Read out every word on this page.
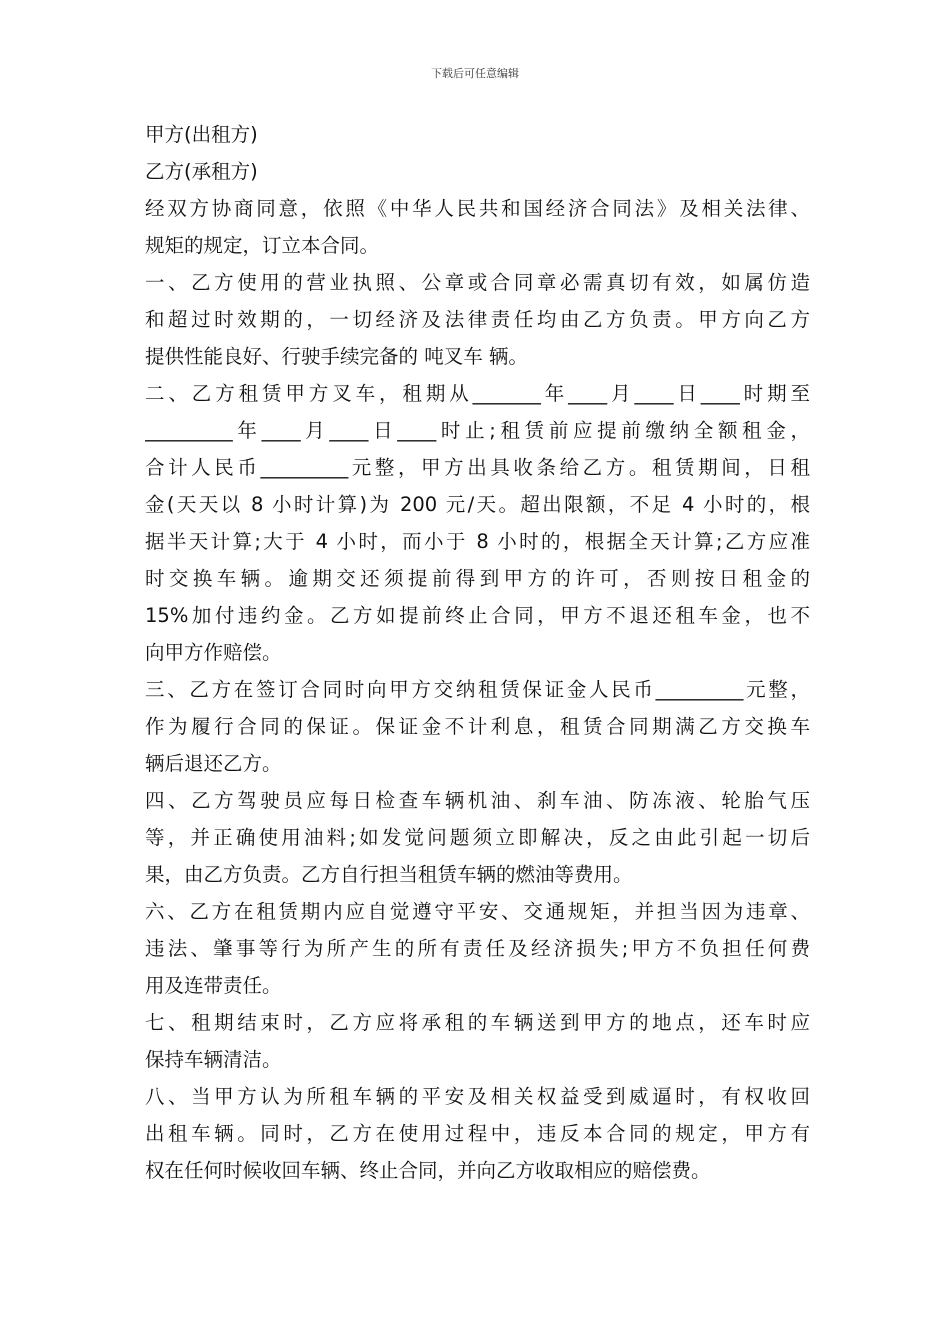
下载后可任意编辑
甲方(出租方)
乙方(承租方)
经双方协商同意，依照《中华人民共和国经济合同法》及相关法律、
规矩的规定，订立本合同。
一、乙方使用的营业执照、公章或合同章必需真切有效，如属仿造
和超过时效期的，一切经济及法律责任均由乙方负责。甲方向乙方
提供性能良好、行驶手续完备的 吨叉车 辆。
二、乙方租赁甲方叉车，租期从_______年____月____日____时期至
_________年____月____日____时止;租赁前应提前缴纳全额租金，
合计人民币_________元整，甲方出具收条给乙方。租赁期间，日租
金(天天以 8 小时计算)为 200 元/天。超出限额，不足 4 小时的，根
据半天计算;大于 4 小时，而小于 8 小时的，根据全天计算;乙方应准
时交换车辆。逾期交还须提前得到甲方的许可，否则按日租金的
15%加付违约金。乙方如提前终止合同，甲方不退还租车金，也不
向甲方作赔偿。
三、乙方在签订合同时向甲方交纳租赁保证金人民币_________元整，
作为履行合同的保证。保证金不计利息，租赁合同期满乙方交换车
辆后退还乙方。
四、乙方驾驶员应每日检查车辆机油、刹车油、防冻液、轮胎气压
等，并正确使用油料;如发觉问题须立即解决，反之由此引起一切后
果，由乙方负责。乙方自行担当租赁车辆的燃油等费用。
六、乙方在租赁期内应自觉遵守平安、交通规矩，并担当因为违章、
违法、肇事等行为所产生的所有责任及经济损失;甲方不负担任何费
用及连带责任。
七、租期结束时，乙方应将承租的车辆送到甲方的地点，还车时应
保持车辆清洁。
八、当甲方认为所租车辆的平安及相关权益受到威逼时，有权收回
出租车辆。同时，乙方在使用过程中，违反本合同的规定，甲方有
权在任何时候收回车辆、终止合同，并向乙方收取相应的赔偿费。
